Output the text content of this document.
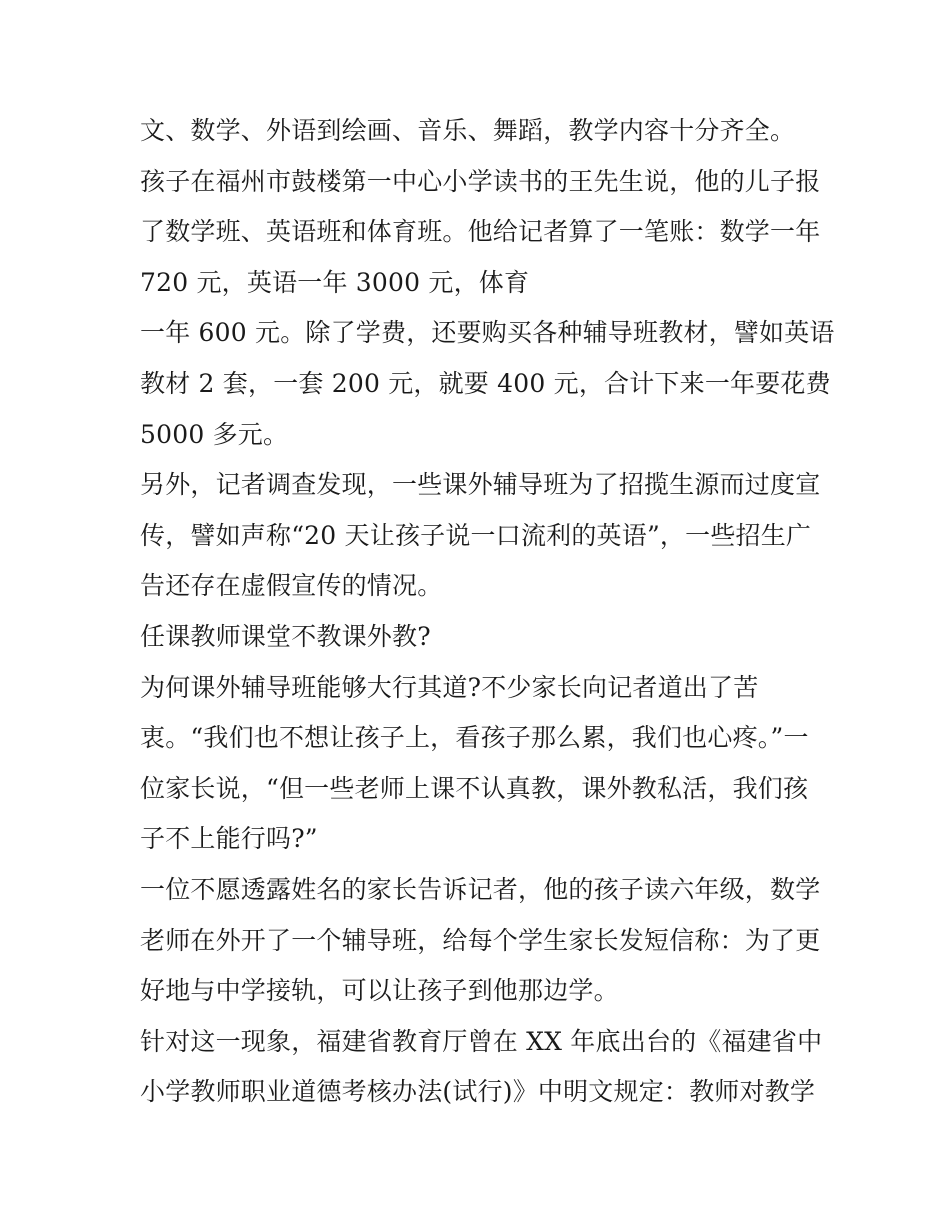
文、数学、外语到绘画、音乐、舞蹈，教学内容十分齐全。
孩子在福州市鼓楼第一中心小学读书的王先生说，他的儿子报
了数学班、英语班和体育班。他给记者算了一笔账：数学一年
720 元，英语一年 3000 元，体育
一年 600 元。除了学费，还要购买各种辅导班教材，譬如英语
教材 2 套，一套 200 元，就要 400 元，合计下来一年要花费
5000 多元。
另外，记者调查发现，一些课外辅导班为了招揽生源而过度宣
传，譬如声称“20 天让孩子说一口流利的英语”，一些招生广
告还存在虚假宣传的情况。
任课教师课堂不教课外教?
为何课外辅导班能够大行其道?不少家长向记者道出了苦
衷。“我们也不想让孩子上，看孩子那么累，我们也心疼。”一
位家长说，“但一些老师上课不认真教，课外教私活，我们孩
子不上能行吗?”
一位不愿透露姓名的家长告诉记者，他的孩子读六年级，数学
老师在外开了一个辅导班，给每个学生家长发短信称：为了更
好地与中学接轨，可以让孩子到他那边学。
针对这一现象，福建省教育厅曾在 XX 年底出台的《福建省中
小学教师职业道德考核办法(试行)》中明文规定：教师对教学
